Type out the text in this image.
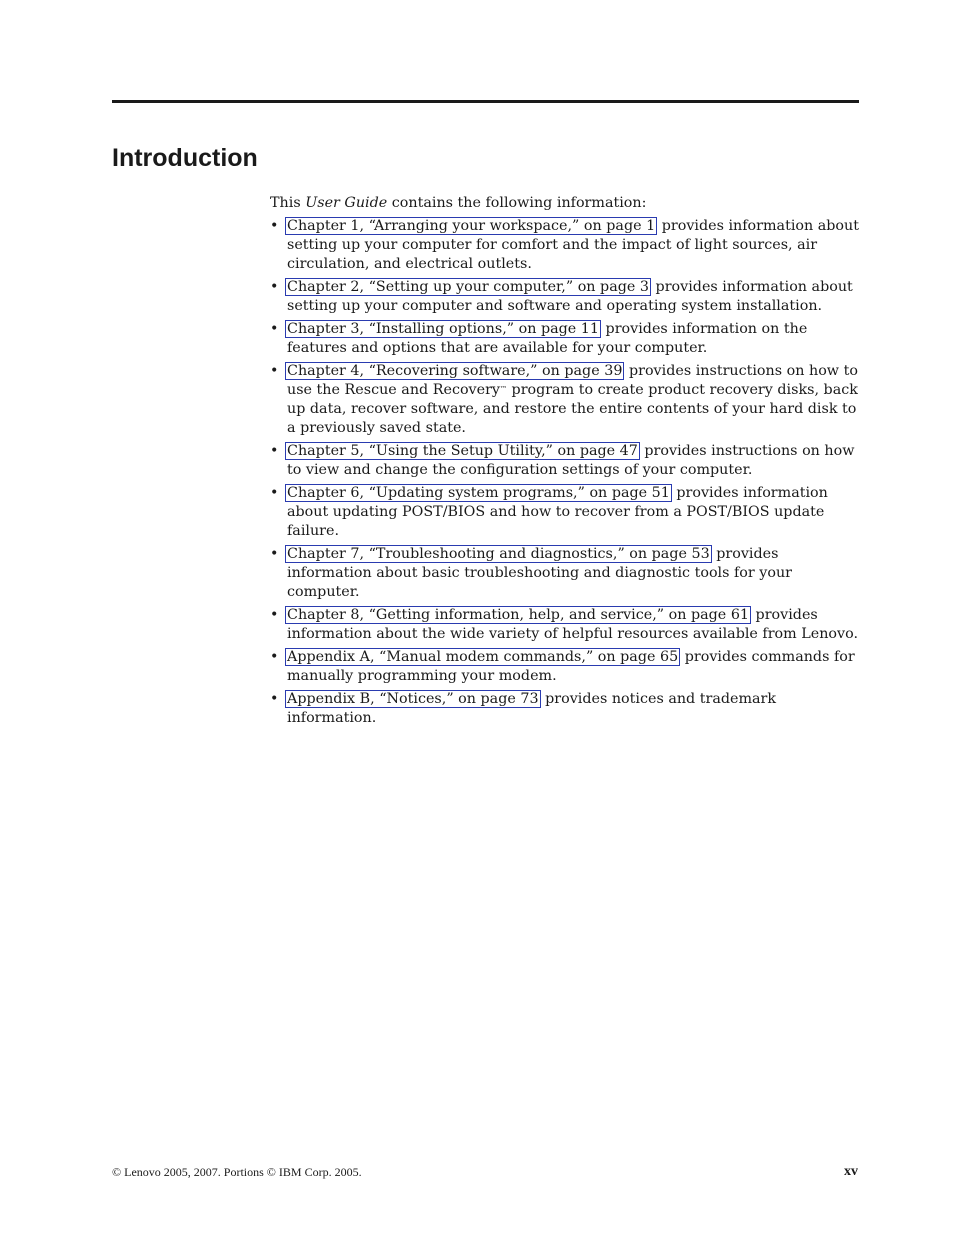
Introduction

This User Guide contains the following information:

• Chapter 1, “Arranging your workspace,” on page 1 provides information about setting up your computer for comfort and the impact of light sources, air circulation, and electrical outlets.
• Chapter 2, “Setting up your computer,” on page 3 provides information about setting up your computer and software and operating system installation.
• Chapter 3, “Installing options,” on page 11 provides information on the features and options that are available for your computer.
• Chapter 4, “Recovering software,” on page 39 provides instructions on how to use the Rescue and Recovery™ program to create product recovery disks, back up data, recover software, and restore the entire contents of your hard disk to a previously saved state.
• Chapter 5, “Using the Setup Utility,” on page 47 provides instructions on how to view and change the configuration settings of your computer.
• Chapter 6, “Updating system programs,” on page 51 provides information about updating POST/BIOS and how to recover from a POST/BIOS update failure.
• Chapter 7, “Troubleshooting and diagnostics,” on page 53 provides information about basic troubleshooting and diagnostic tools for your computer.
• Chapter 8, “Getting information, help, and service,” on page 61 provides information about the wide variety of helpful resources available from Lenovo.
• Appendix A, “Manual modem commands,” on page 65 provides commands for manually programming your modem.
• Appendix B, “Notices,” on page 73 provides notices and trademark information.
© Lenovo 2005, 2007. Portions © IBM Corp. 2005.	xv
